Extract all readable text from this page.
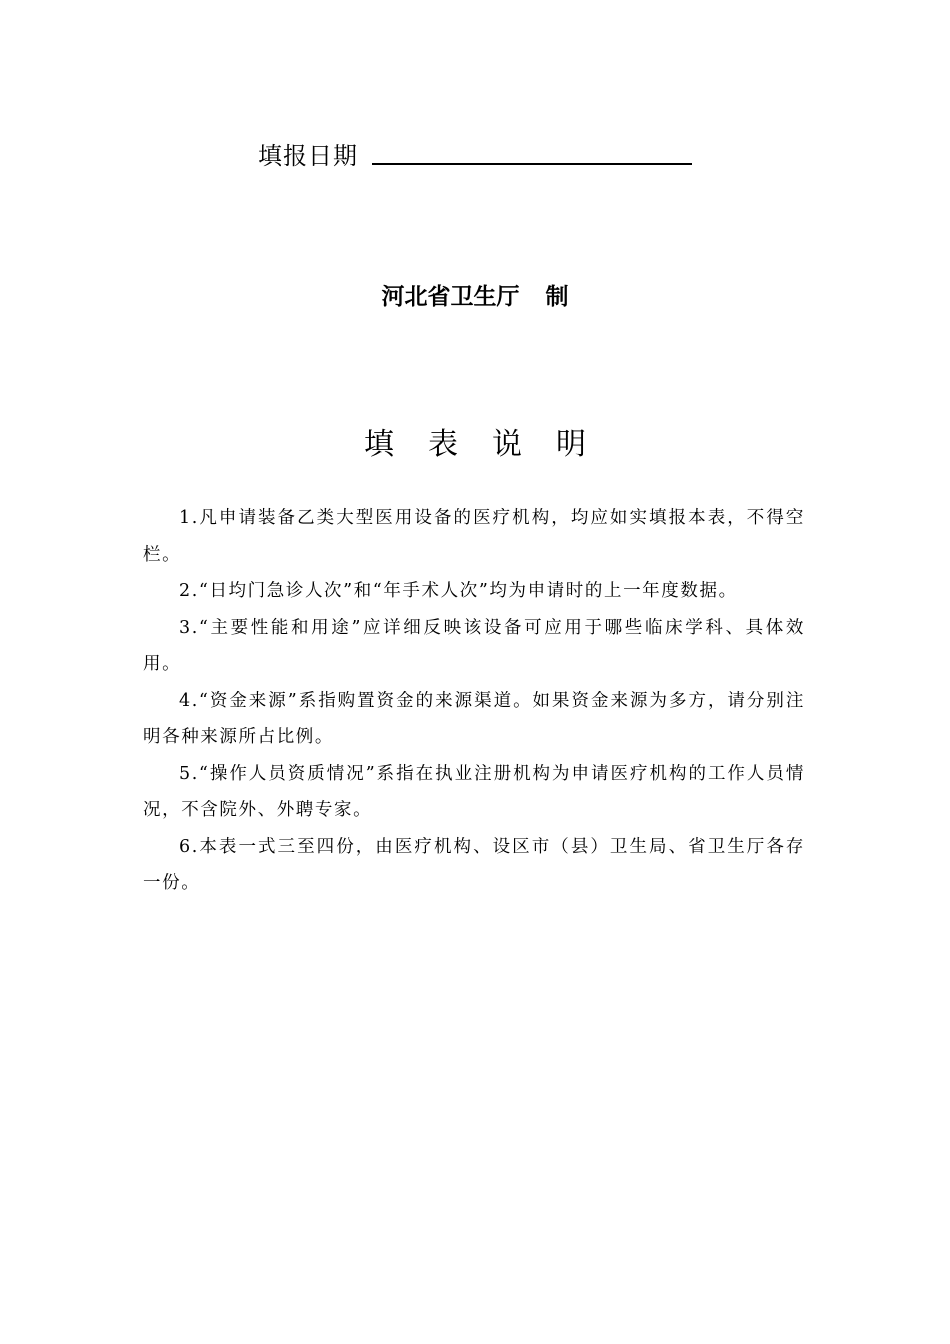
填报日期
河北省卫生厅 制
填表说明

1.凡申请装备乙类大型医用设备的医疗机构，均应如实填报本表，不得空栏。

2.“日均门急诊人次”和“年手术人次”均为申请时的上一年度数据。

3.“主要性能和用途”应详细反映该设备可应用于哪些临床学科、具体效用。

4.“资金来源”系指购置资金的来源渠道。如果资金来源为多方，请分别注明各种来源所占比例。

5.“操作人员资质情况”系指在执业注册机构为申请医疗机构的工作人员情况，不含院外、外聘专家。

6.本表一式三至四份，由医疗机构、设区市（县）卫生局、省卫生厅各存一份。
